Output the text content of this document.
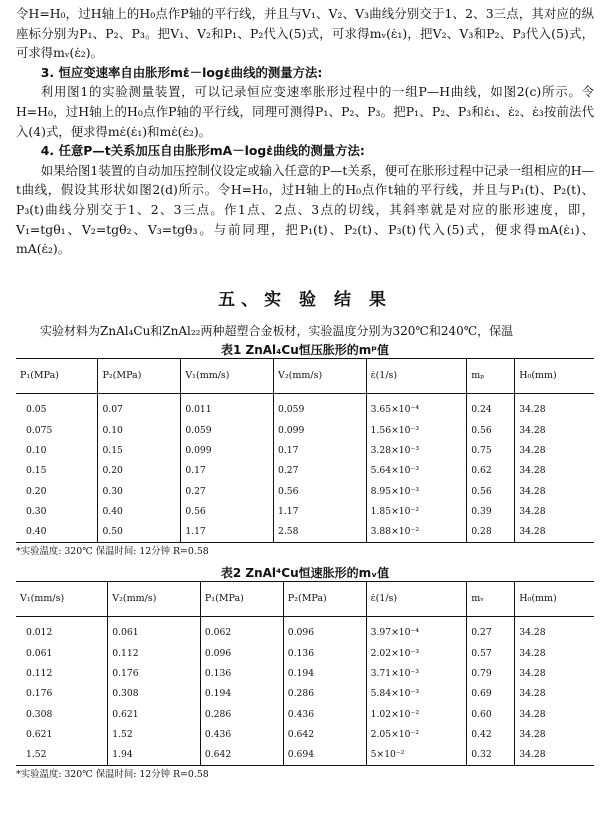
令H=H₀，过H轴上的H₀点作P轴的平行线，并且与V₁、V₂、V₃曲线分别交于1、2、3三点，其对应的纵座标分别为P₁、P₂、P₃。把V₁、V₂和P₁、P₂代入(5)式，可求得mᵥ(ε̇₁)，把V₂、V₃和P₂、P₃代入(5)式，可求得mᵥ(ε̇₂)。

3. 恒应变速率自由胀形mε̇－logε̇曲线的测量方法:

利用图1的实验测量装置，可以记录恒应变速率胀形过程中的一组P—H曲线，如图2(c)所示。令H=H₀，过H轴上的H₀点作P轴的平行线，同理可测得P₁、P₂、P₃。把P₁、P₂、P₃和ε̇₁、ε̇₂、ε̇₃按前法代入(4)式，便求得mε̇(ε̇₁)和mε̇(ε̇₂)。

4. 任意P—t关系加压自由胀形mA－logε̇曲线的测量方法:

如果给图1装置的自动加压控制仪设定或输入任意的P—t关系，便可在胀形过程中记录一组相应的H—t曲线，假设其形状如图2(d)所示。令H=H₀，过H轴上的H₀点作t轴的平行线，并且与P₁(t)、P₂(t)、P₃(t)曲线分别交于1、2、3三点。作1点、2点、3点的切线，其斜率就是对应的胀形速度，即，V₁=tgθ₁、V₂=tgθ₂、V₃=tgθ₃。与前同理，把P₁(t)、P₂(t)、P₃(t)代入(5)式，便求得mA(ε̇₁)、mA(ε̇₂)。

五、实 验 结 果

实验材料为ZnAl₄Cu和ZnAl₂₂两种超塑合金板材，实验温度分别为320℃和240℃，保温

表1 ZnAl₄Cu恒压胀形的mᵖ值
P₁(MPa)	P₂(MPa)	V₁(mm/s)	V₂(mm/s)	ε̇(1/s)	mₚ	H₀(mm)
0.05	0.07	0.011	0.059	3.65×10⁻⁴	0.24	34.28
0.075	0.10	0.059	0.099	1.56×10⁻³	0.56	34.28
0.10	0.15	0.099	0.17	3.28×10⁻³	0.75	34.28
0.15	0.20	0.17	0.27	5.64×10⁻³	0.62	34.28
0.20	0.30	0.27	0.56	8.95×10⁻³	0.56	34.28
0.30	0.40	0.56	1.17	1.85×10⁻²	0.39	34.28
0.40	0.50	1.17	2.58	3.88×10⁻²	0.28	34.28
*实验温度: 320℃ 保温时间: 12分钟 R=0.58
表2 ZnAl⁴Cu恒速胀形的mᵥ值
V₁(mm/s)	V₂(mm/s)	P₁(MPa)	P₂(MPa)	ε̇(1/s)	mᵥ	H₀(mm)
0.012	0.061	0.062	0.096	3.97×10⁻⁴	0.27	34.28
0.061	0.112	0.096	0.136	2.02×10⁻³	0.57	34.28
0.112	0.176	0.136	0.194	3.71×10⁻³	0.79	34.28
0.176	0.308	0.194	0.286	5.84×10⁻³	0.69	34.28
0.308	0.621	0.286	0.436	1.02×10⁻²	0.60	34.28
0.621	1.52	0.436	0.642	2.05×10⁻²	0.42	34.28
1.52	1.94	0.642	0.694	5×10⁻²	0.32	34.28
*实验温度: 320℃ 保温时间: 12分钟 R=0.58
